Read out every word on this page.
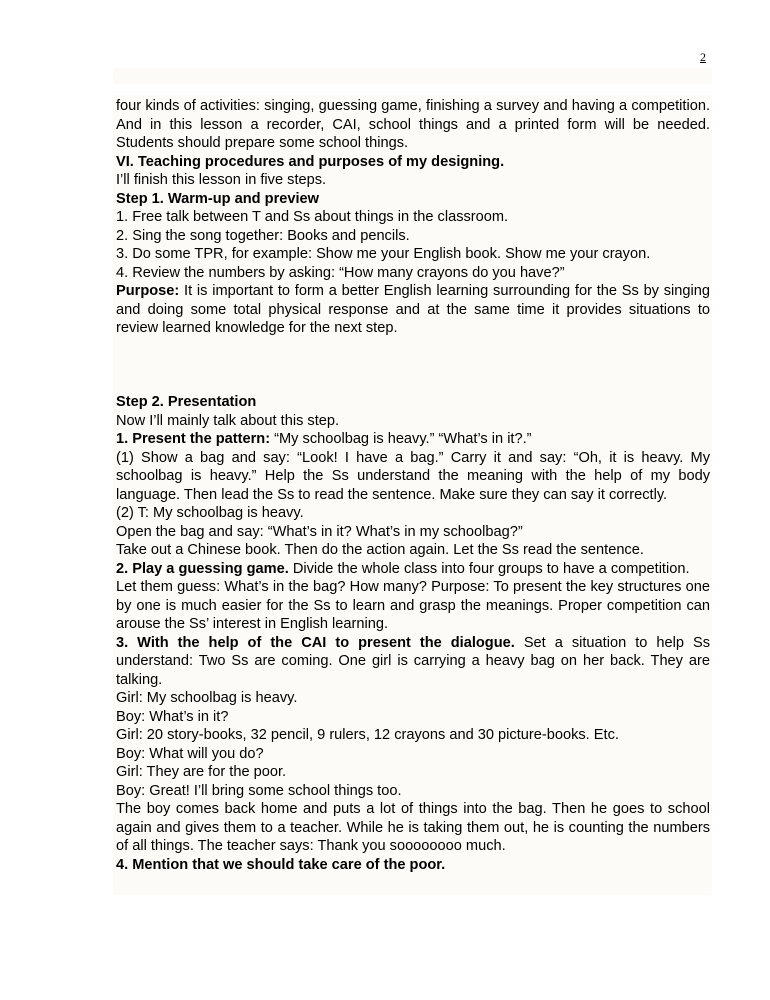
2

four kinds of activities: singing, guessing game, finishing a survey and having a competition. And in this lesson a recorder, CAI, school things and a printed form will be needed. Students should prepare some school things.

VI. Teaching procedures and purposes of my designing.

I’ll finish this lesson in five steps.

Step 1. Warm-up and preview

1. Free talk between T and Ss about things in the classroom.

2. Sing the song together: Books and pencils.

3. Do some TPR, for example: Show me your English book. Show me your crayon.

4. Review the numbers by asking: “How many crayons do you have?”

Purpose: It is important to form a better English learning surrounding for the Ss by singing and doing some total physical response and at the same time it provides situations to review learned knowledge for the next step.

Step 2. Presentation

Now I’ll mainly talk about this step.

1. Present the pattern: “My schoolbag is heavy.” “What’s in it?.”

(1) Show a bag and say: “Look! I have a bag.” Carry it and say: “Oh, it is heavy. My schoolbag is heavy.” Help the Ss understand the meaning with the help of my body language. Then lead the Ss to read the sentence. Make sure they can say it correctly.

(2) T: My schoolbag is heavy.

Open the bag and say: “What’s in it? What’s in my schoolbag?”

Take out a Chinese book. Then do the action again. Let the Ss read the sentence.

2. Play a guessing game. Divide the whole class into four groups to have a competition.

Let them guess: What’s in the bag? How many? Purpose: To present the key structures one by one is much easier for the Ss to learn and grasp the meanings. Proper competition can arouse the Ss’ interest in English learning.

3. With the help of the CAI to present the dialogue. Set a situation to help Ss understand: Two Ss are coming. One girl is carrying a heavy bag on her back. They are talking.

Girl: My schoolbag is heavy.

Boy: What’s in it?

Girl: 20 story-books, 32 pencil, 9 rulers, 12 crayons and 30 picture-books. Etc.

Boy: What will you do?

Girl: They are for the poor.

Boy: Great! I’ll bring some school things too.

The boy comes back home and puts a lot of things into the bag. Then he goes to school again and gives them to a teacher. While he is taking them out, he is counting the numbers of all things. The teacher says: Thank you soooooooo much.

4. Mention that we should take care of the poor.
